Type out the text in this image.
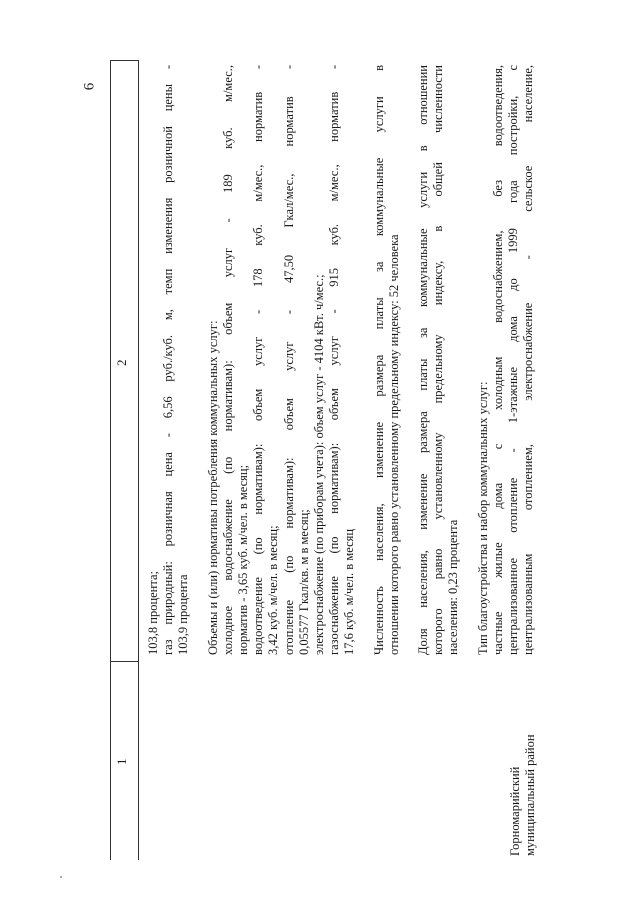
6
1
2
Горномарийский муниципальный район

103,8 процента; газ природный: розничная цена - 6,56 руб./куб. м, темп изменения розничной цены - 103,9 процента Объемы и (или) нормативы потребления коммунальных услуг: холодное водоснабжение (по нормативам): объем услуг - 189 куб. м/мес., норматив - 3,65 куб. м/чел. в месяц; водоотведение (по нормативам): объем услуг - 178 куб. м/мес., норматив - 3,42 куб. м/чел. в месяц; отопление (по нормативам): объем услуг - 47,50 Гкал/мес., норматив - 0,05577 Гкал/кв. м в месяц; электроснабжение (по приборам учета): объем услуг - 4104 кВт. ч/мес.; газоснабжение (по нормативам): объем услуг - 915 куб. м/мес., норматив - 17,6 куб. м/чел. в месяц Численность населения, изменение размера платы за коммунальные услуги в отношении которого равно установленному предельному индексу: 52 человека Доля населения, изменение размера платы за коммунальные услуги в отношении которого равно установленному предельному индексу, в общей численности населения: 0,23 процента Тип благоустройства и набор коммунальных услуг: частные жилые дома с холодным водоснабжением, без водоотведения, централизованное отопление - 1-этажные дома до 1999 года постройки, с централизованным отоплением, электроснабжение - сельское население,
